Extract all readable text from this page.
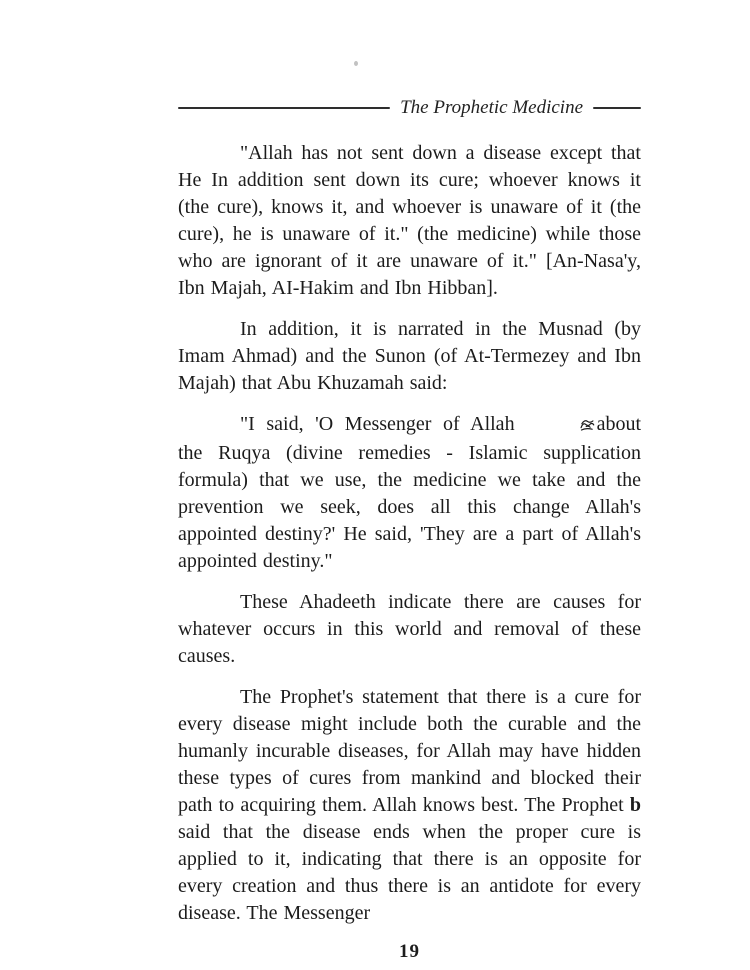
The Prophetic Medicine

"Allah has not sent down a disease except that He In addition sent down its cure; whoever knows it (the cure), knows it, and whoever is unaware of it (the cure), he is unaware of it." (the medicine) while those who are ignorant of it are unaware of it." [An-Nasa'y, Ibn Majah, AI-Hakim and Ibn Hibban].

In addition, it is narrated in the Musnad (by Imam Ahmad) and the Sunon (of At-Termezey and Ibn Majah) that Abu Khuzamah said:

"I said, 'O Messenger of Allah	about the Ruqya (divine remedies - Islamic supplication formula) that we use, the medicine we take and the prevention we seek, does all this change Allah's appointed destiny?' He said, 'They are a part of Allah's appointed destiny."

These Ahadeeth indicate there are causes for whatever occurs in this world and removal of these causes.

The Prophet's statement that there is a cure for every disease might include both the curable and the humanly incurable diseases, for Allah may have hidden these types of cures from mankind and blocked their path to acquiring them. Allah knows best. The Prophet b said that the disease ends when the proper cure is applied to it, indicating that there is an opposite for every creation and thus there is an antidote for every disease. The Messenger

19
